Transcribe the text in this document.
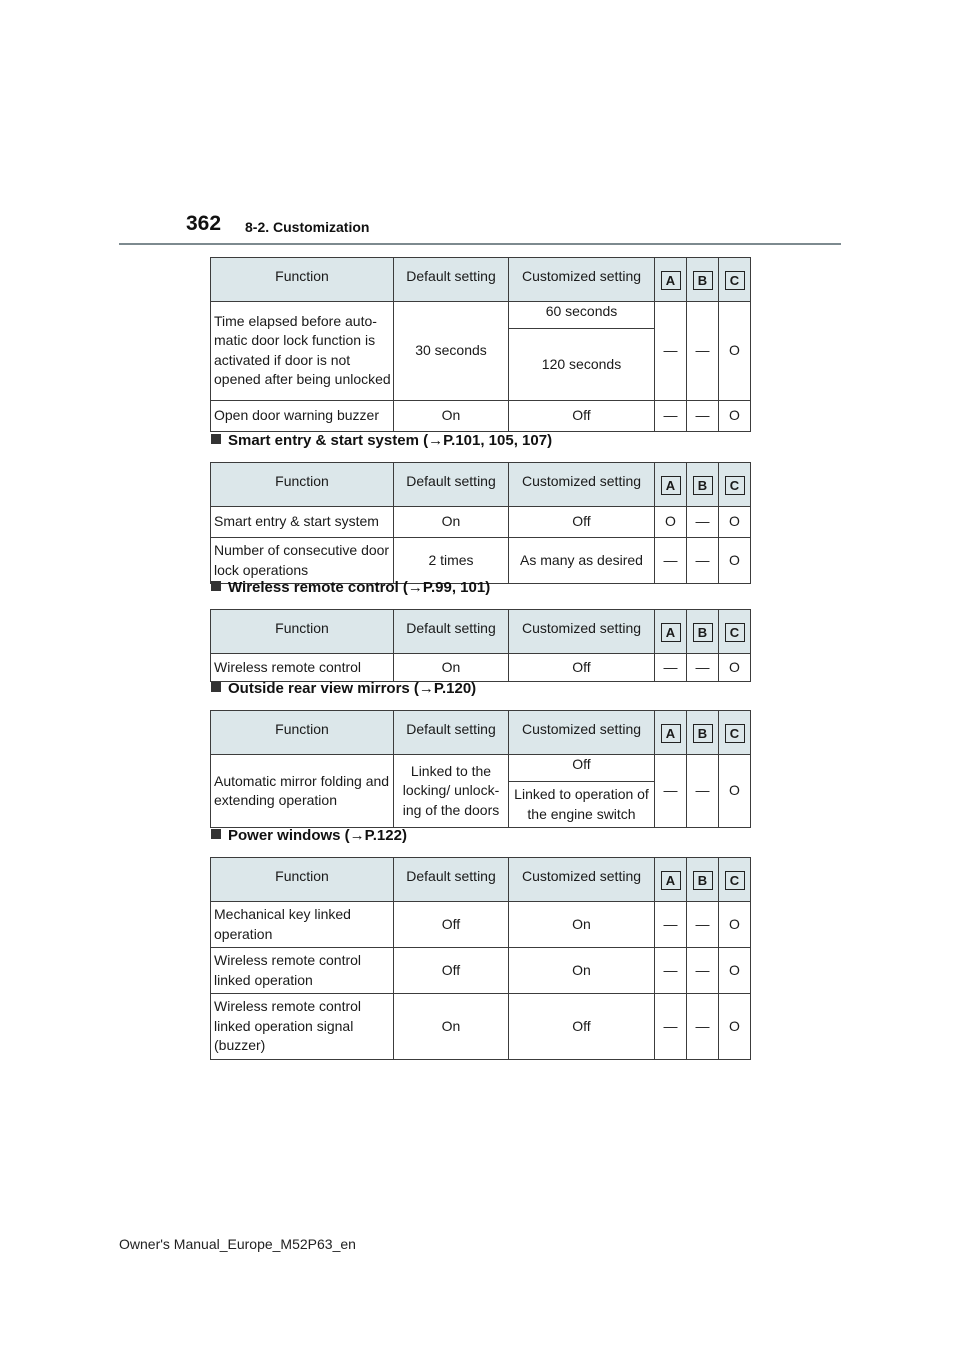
362 8-2. Customization
Function	Default setting	Customized setting	A	B	C
Time elapsed before auto-matic door lock function is activated if door is not opened after being unlocked	30 seconds	60 seconds	—	—	O
		120 seconds			
Open door warning buzzer	On	Off	—	—	O
Smart entry & start system (→P.101, 105, 107)
Function	Default setting	Customized setting	A	B	C
Smart entry & start system	On	Off	O	—	O
Number of consecutive door lock operations	2 times	As many as desired	—	—	O
Wireless remote control (→P.99, 101)
Function	Default setting	Customized setting	A	B	C
Wireless remote control	On	Off	—	—	O
Outside rear view mirrors (→P.120)
Function	Default setting	Customized setting	A	B	C
Automatic mirror folding and extending operation	Linked to the locking/ unlock-ing of the doors	Off	—	—	O
		Linked to operation of the engine switch			
Power windows (→P.122)
Function	Default setting	Customized setting	A	B	C
Mechanical key linked operation	Off	On	—	—	O
Wireless remote control linked operation	Off	On	—	—	O
Wireless remote control linked operation signal (buzzer)	On	Off	—	—	O
Owner's Manual_Europe_M52P63_en
